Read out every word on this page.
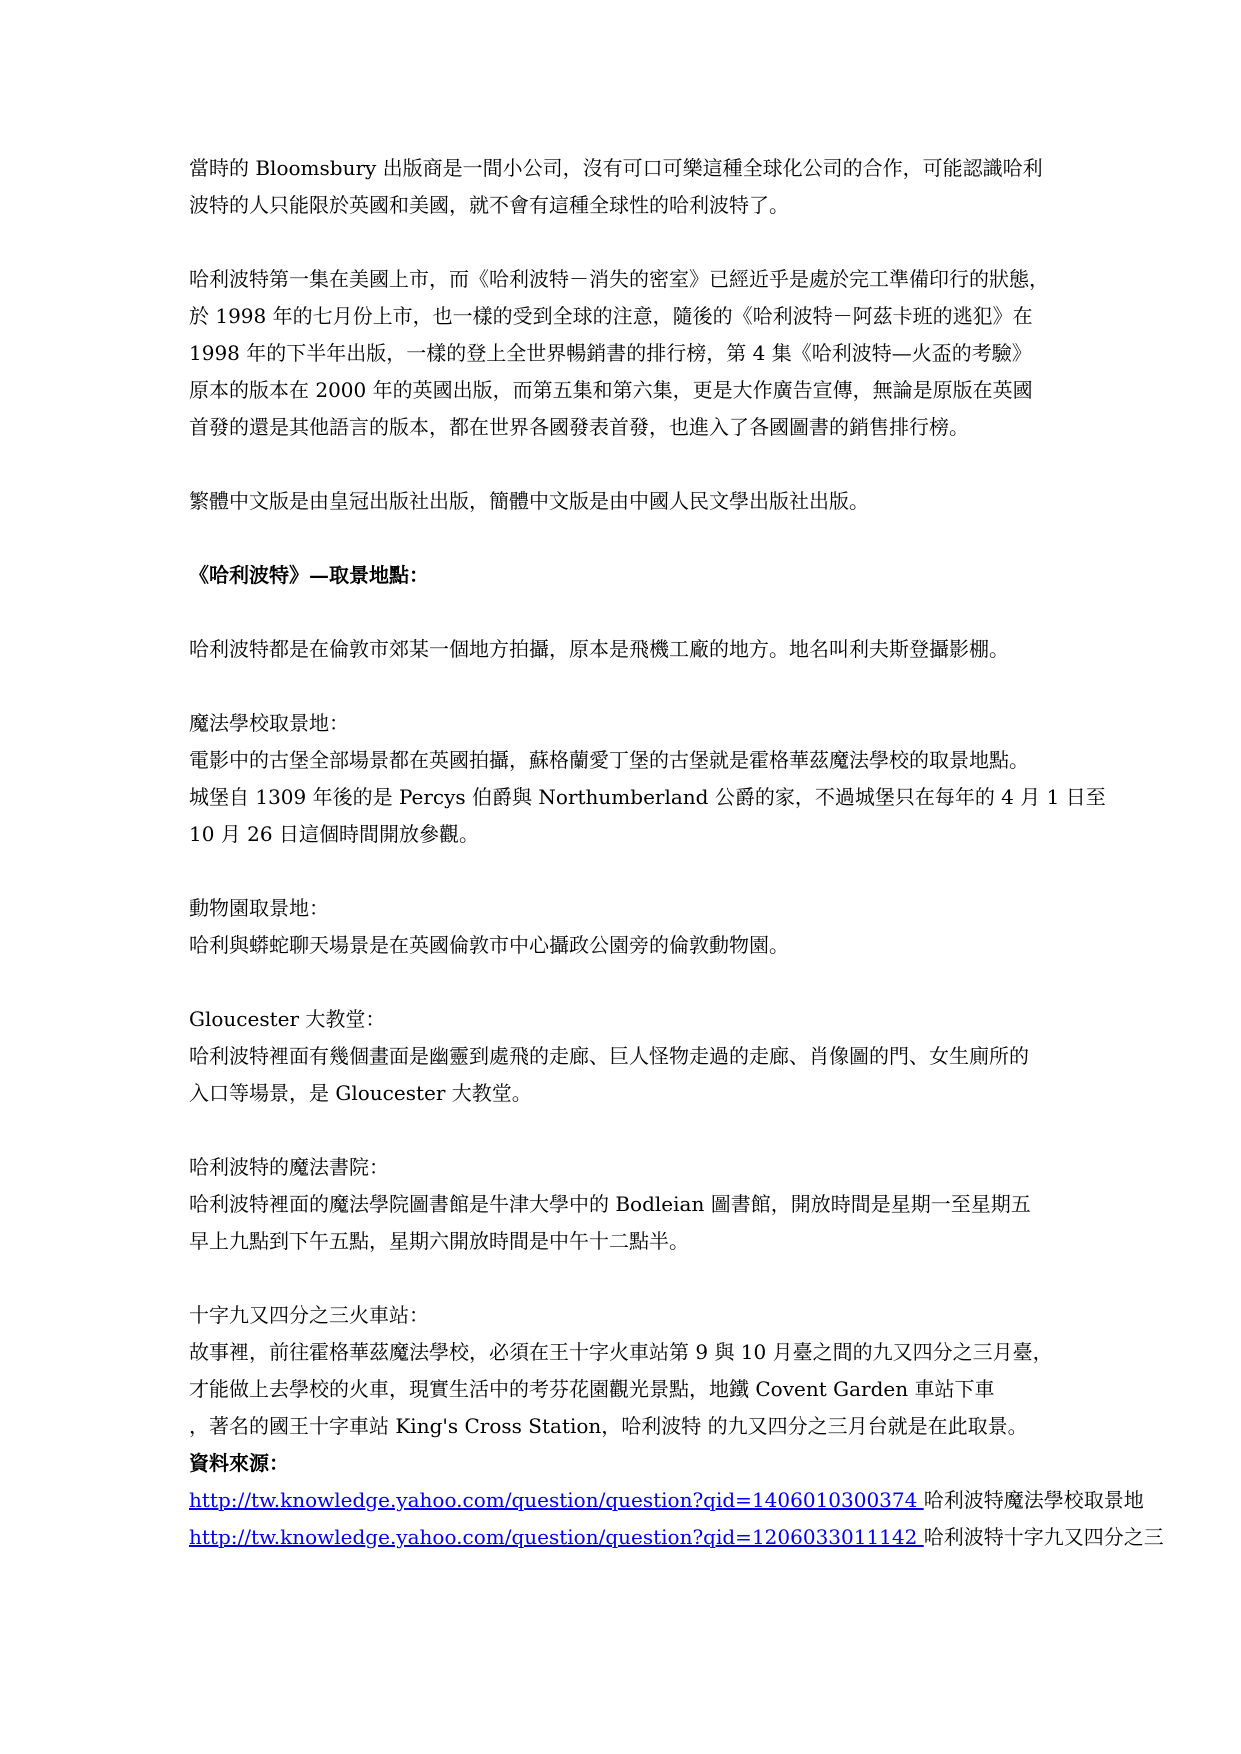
當時的 Bloomsbury 出版商是一間小公司，沒有可口可樂這種全球化公司的合作，可能認識哈利
波特的人只能限於英國和美國，就不會有這種全球性的哈利波特了。
哈利波特第一集在美國上市，而《哈利波特－消失的密室》已經近乎是處於完工準備印行的狀態，
於 1998 年的七月份上市，也一樣的受到全球的注意，隨後的《哈利波特－阿茲卡班的逃犯》在
1998 年的下半年出版，一樣的登上全世界暢銷書的排行榜，第 4 集《哈利波特—火盃的考驗》
原本的版本在 2000 年的英國出版，而第五集和第六集，更是大作廣告宣傳，無論是原版在英國
首發的還是其他語言的版本，都在世界各國發表首發，也進入了各國圖書的銷售排行榜。
繁體中文版是由皇冠出版社出版，簡體中文版是由中國人民文學出版社出版。
《哈利波特》—取景地點：
哈利波特都是在倫敦市郊某一個地方拍攝，原本是飛機工廠的地方。地名叫利夫斯登攝影棚。
魔法學校取景地：
電影中的古堡全部場景都在英國拍攝，蘇格蘭愛丁堡的古堡就是霍格華茲魔法學校的取景地點。
城堡自 1309 年後的是 Percys 伯爵與 Northumberland 公爵的家，不過城堡只在每年的 4 月 1 日至
10 月 26 日這個時間開放參觀。
動物園取景地：
哈利與蟒蛇聊天場景是在英國倫敦市中心攝政公園旁的倫敦動物園。
Gloucester 大教堂：
哈利波特裡面有幾個畫面是幽靈到處飛的走廊、巨人怪物走過的走廊、肖像圖的門、女生廁所的
入口等場景，是 Gloucester 大教堂。
哈利波特的魔法書院：
哈利波特裡面的魔法學院圖書館是牛津大學中的 Bodleian 圖書館，開放時間是星期一至星期五
早上九點到下午五點，星期六開放時間是中午十二點半。
十字九又四分之三火車站：
故事裡，前往霍格華茲魔法學校，必須在王十字火車站第 9 與 10 月臺之間的九又四分之三月臺，
才能做上去學校的火車，現實生活中的考芬花園觀光景點，地鐵 Covent Garden 車站下車
，著名的國王十字車站 King's Cross Station，哈利波特 的九又四分之三月台就是在此取景。
資料來源：
http://tw.knowledge.yahoo.com/question/question?qid=1406010300374 哈利波特魔法學校取景地
http://tw.knowledge.yahoo.com/question/question?qid=1206033011142 哈利波特十字九又四分之三
